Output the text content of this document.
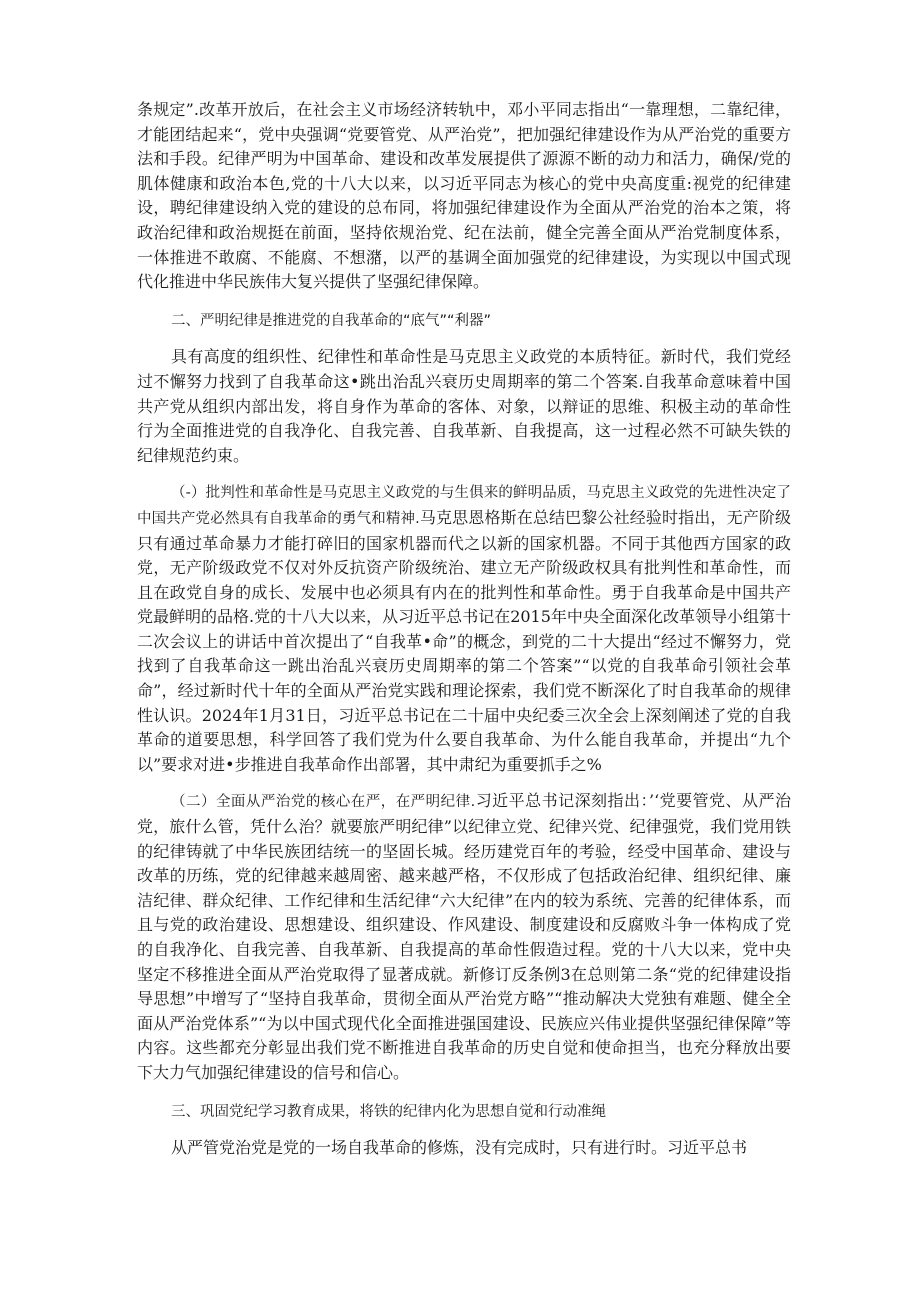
条规定”.改革开放后，在社会主义市场经济转轨中，邓小平同志指出“一靠理想，二靠纪律，才能团结起来“，党中央强调“党要管党、从严治党”，把加强纪律建设作为从严治党的重要方法和手段。纪律严明为中国革命、建设和改革发展提供了源源不断的动力和活力，确保/党的肌体健康和政治本色,党的十八大以来，以习近平同志为核心的党中央高度重:视党的纪律建设，聘纪律建设纳入党的建设的总布同，将加强纪律建设作为全面从严治党的治本之策，将政治纪律和政治规挺在前面，坚持依规治党、纪在法前，健全完善全面从严治党制度体系，一体推进不敢腐、不能腐、不想潴，以严的基调全面加强党的纪律建设，为实现以中国式现代化推进中华民族伟大复兴提供了坚强纪律保障。

二、严明纪律是推进党的自我革命的“底气”“利器”

具有高度的组织性、纪律性和革命性是马克思主义政党的本质特征。新时代，我们党经过不懈努力找到了自我革命这•跳出治乱兴衰历史周期率的第二个答案.自我革命意味着中国共产党从组织内部出发，将自身作为革命的客体、对象，以辩证的思维、积极主动的革命性行为全面推进党的自我净化、自我完善、自我革新、自我提高，这一过程必然不可缺失铁的纪律规范约束。

（-）批判性和革命性是马克思主义政党的与生俱来的鲜明品质，马克思主义政党的先进性决定了中国共产党必然具有自我革命的勇气和精神.马克思恩格斯在总结巴黎公社经验时指出，无产阶级只有通过革命暴力才能打碎旧的国家机器而代之以新的国家机器。不同于其他西方国家的政党，无产阶级政党不仅对外反抗资产阶级统治、建立无产阶级政权具有批判性和革命性，而且在政党自身的成长、发展中也必须具有内在的批判性和革命性。勇于自我革命是中国共产党最鲜明的品格.党的十八大以来，从习近平总书记在2015年中央全面深化改革领导小组第十二次会议上的讲话中首次提出了“自我革•命”的概念，到党的二十大提出“经过不懈努力，党找到了自我革命这一跳出治乱兴衰历史周期率的第二个答案”“以党的自我革命引领社会革命”，经过新时代十年的全面从严治党实践和理论探索，我们党不断深化了时自我革命的规律性认识。2024年1月31日，习近平总书记在二十届中央纪委三次全会上深刻阐述了党的自我革命的道要思想，科学回答了我们党为什么要自我革命、为什么能自我革命，并提出“九个以”要求对进•步推进自我革命作出部署，其中肃纪为重要抓手之%

（二）全面从严治党的核心在严，在严明纪律.习近平总书记深刻指出：’‘党要管党、从严治党，旅什么管，凭什么治？就要旅严明纪律”以纪律立党、纪律兴党、纪律强党，我们党用铁的纪律铸就了中华民族团结统一的坚固长城。经历建党百年的考验，经受中国革命、建设与改革的历练，党的纪律越来越周密、越来越严格，不仅形成了包括政治纪律、组织纪律、廉洁纪律、群众纪律、工作纪律和生活纪律“六大纪律”在内的较为系统、完善的纪律体系，而且与党的政治建设、思想建设、组织建设、作风建设、制度建设和反腐败斗争一体构成了党的自我净化、自我完善、自我革新、自我提高的革命性假造过程。党的十八大以来，党中央坚定不移推进全面从严治党取得了显著成就。新修订反条例3在总则第二条“党的纪律建设指导思想”中增写了“坚持自我革命，贯彻全面从严治党方略”“推动解决大党独有难题、健全全面从严治党体系”“为以中国式现代化全面推进强国建设、民族应兴伟业提供坚强纪律保障”等内容。这些都充分彰显出我们党不断推进自我革命的历史自觉和使命担当，也充分释放出要下大力气加强纪律建设的信号和信心。

三、巩固党纪学习教育成果，将铁的纪律内化为思想自觉和行动准绳

从严管党治党是党的一场自我革命的修炼，没有完成时，只有进行时。习近平总书
